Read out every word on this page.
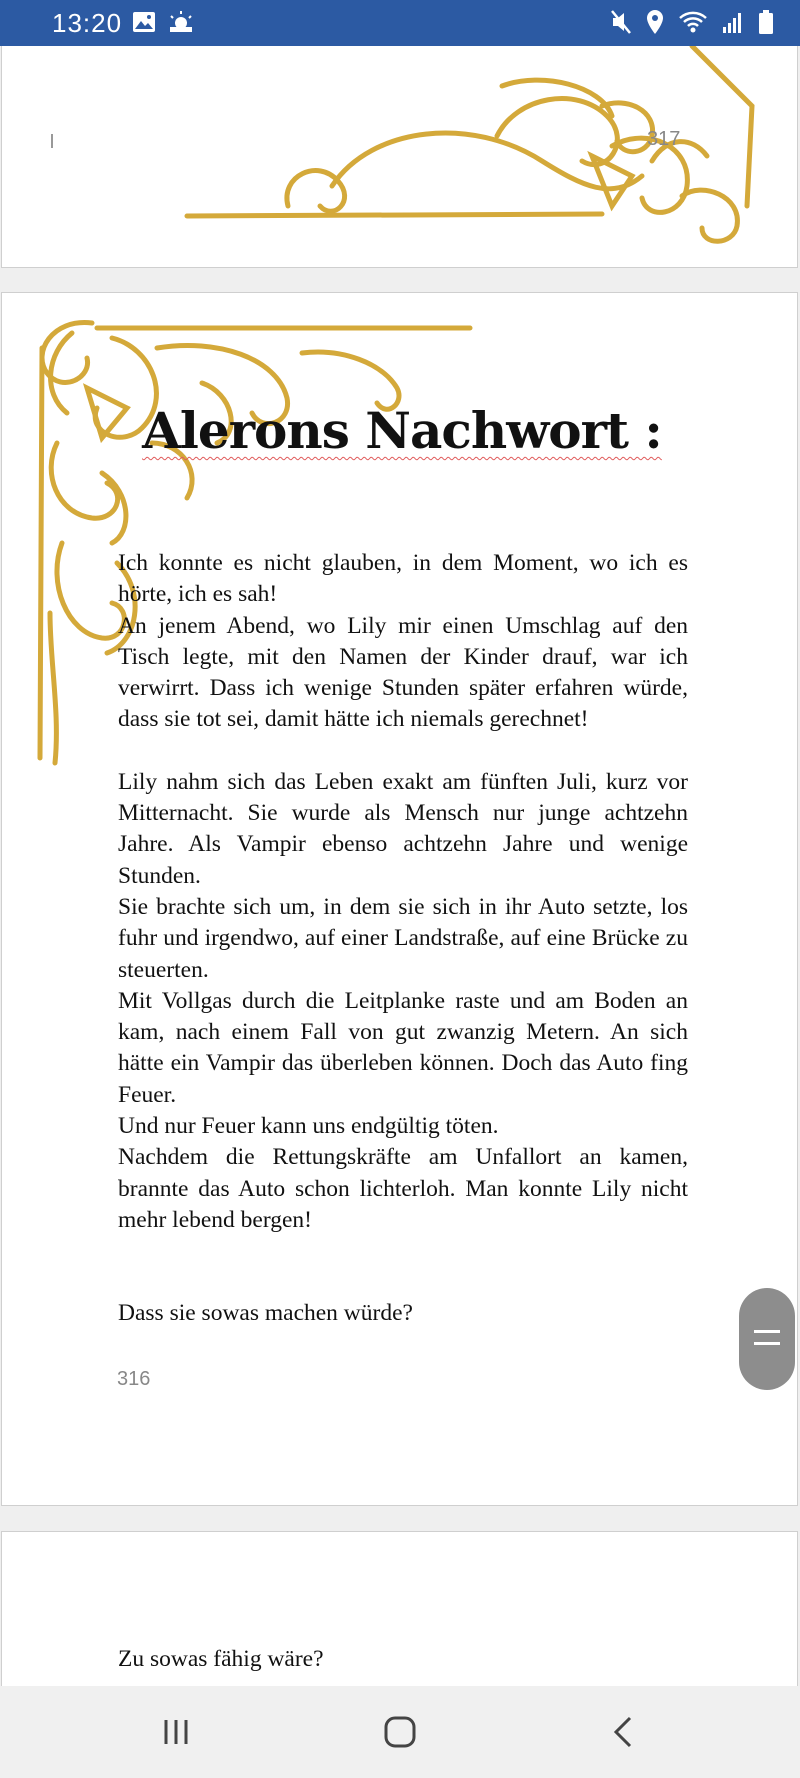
13:20
317
Alerons Nachwort :

Ich konnte es nicht glauben, in dem Moment, wo ich es hörte, ich es sah!

An jenem Abend, wo Lily mir einen Umschlag auf den Tisch legte, mit den Namen der Kinder drauf, war ich verwirrt. Dass ich wenige Stunden später erfahren würde, dass sie tot sei, damit hätte ich niemals gerechnet!

Lily nahm sich das Leben exakt am fünften Juli, kurz vor Mitternacht. Sie wurde als Mensch nur junge achtzehn Jahre. Als Vampir ebenso achtzehn Jahre und wenige Stunden.

Sie brachte sich um, in dem sie sich in ihr Auto setzte, los fuhr und irgendwo, auf einer Landstraße, auf eine Brücke zu steuerten.

Mit Vollgas durch die Leitplanke raste und am Boden an kam, nach einem Fall von gut zwanzig Metern. An sich hätte ein Vampir das überleben können. Doch das Auto fing Feuer.

Und nur Feuer kann uns endgültig töten.

Nachdem die Rettungskräfte am Unfallort an kamen, brannte das Auto schon lichterloh. Man konnte Lily nicht mehr lebend bergen!

Dass sie sowas machen würde?

316

Zu sowas fähig wäre?
